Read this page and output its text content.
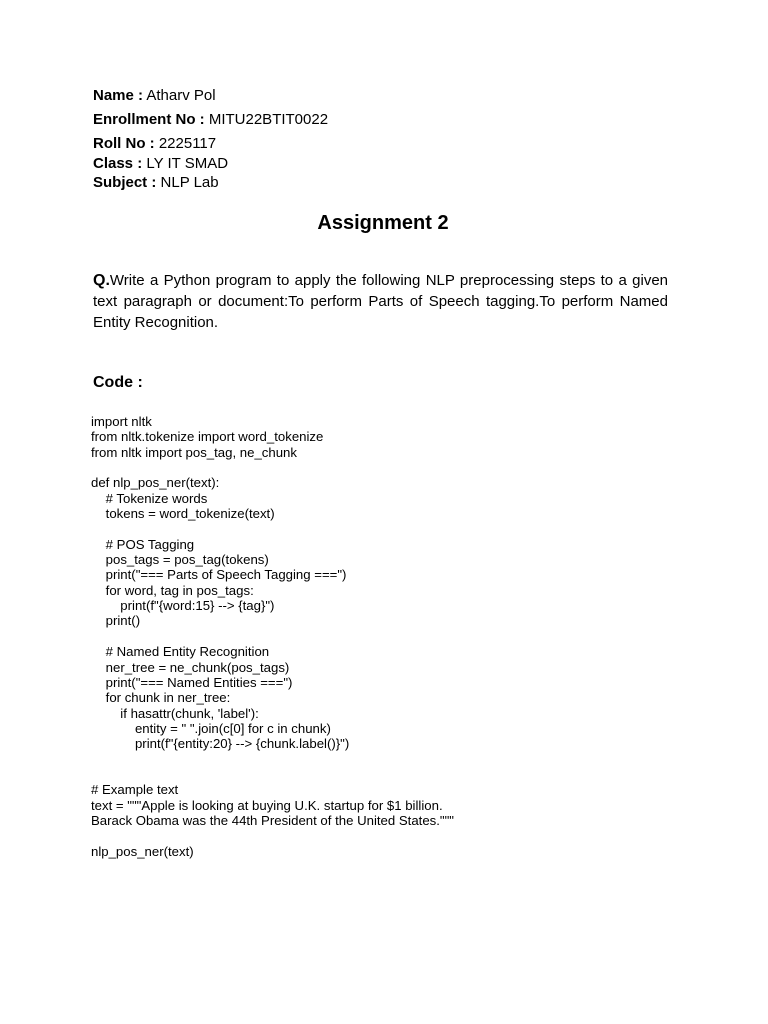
Name : Atharv Pol
Enrollment No : MITU22BTIT0022
Roll No : 2225117
Class : LY IT SMAD
Subject : NLP Lab
Assignment 2
Q.Write a Python program to apply the following NLP preprocessing steps to a given text paragraph or document:To perform Parts of Speech tagging.To perform Named Entity Recognition.
Code :
import nltk
from nltk.tokenize import word_tokenize
from nltk import pos_tag, ne_chunk
def nlp_pos_ner(text):
# Tokenize words
tokens = word_tokenize(text)
# POS Tagging
pos_tags = pos_tag(tokens)
print("=== Parts of Speech Tagging ===")
for word, tag in pos_tags:
print(f"{word:15} --> {tag}")
print()
# Named Entity Recognition
ner_tree = ne_chunk(pos_tags)
print("=== Named Entities ===")
for chunk in ner_tree:
if hasattr(chunk, 'label'):
entity = " ".join(c[0] for c in chunk)
print(f"{entity:20} --> {chunk.label()}")
# Example text
text = """Apple is looking at buying U.K. startup for $1 billion.
Barack Obama was the 44th President of the United States."""
nlp_pos_ner(text)
